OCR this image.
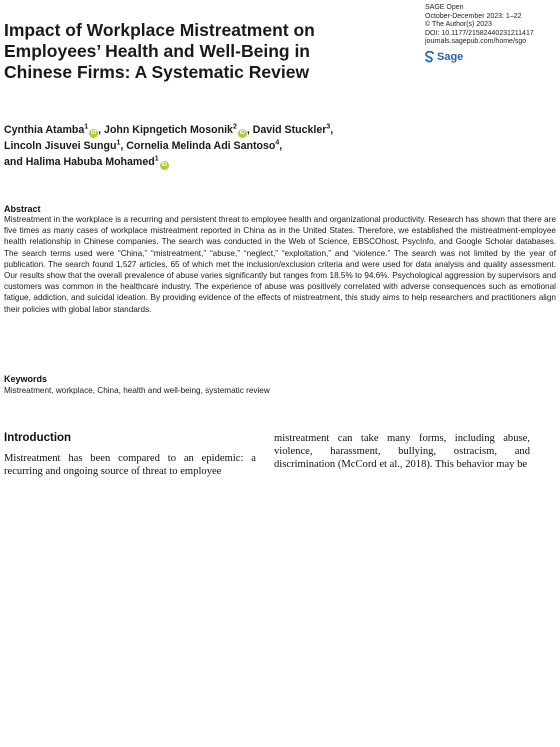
Impact of Workplace Mistreatment on Employees’ Health and Well-Being in Chinese Firms: A Systematic Review
SAGE Open
October-December 2023: 1–22
© The Author(s) 2023
DOI: 10.1177/21582440231211417
journals.sagepub.com/home/sgo
Sage
Cynthia Atamba$^1$iD , John Kipngetich Mosonik$^2$iD , David Stuckler$^3$,
Lincoln Jisuvei Sungu$^1$, Cornelia Melinda Adi Santoso$^4$,
and Halima Habuba Mohamed$^1$iD
Abstract

Mistreatment in the workplace is a recurring and persistent threat to employee health and organizational productivity. Research has shown that there are five times as many cases of workplace mistreatment reported in China as in the United States. Therefore, we established the mistreatment-employee health relationship in Chinese companies. The search was conducted in the Web of Science, EBSCOhost, PsycInfo, and Google Scholar databases. The search terms used were “China,” “mistreatment,” “abuse,” “neglect,” “exploitation,” and “violence.” The search was not limited by the year of publication. The search found 1,527 articles, 65 of which met the inclusion/exclusion criteria and were used for data analysis and quality assessment. Our results show that the overall prevalence of abuse varies significantly but ranges from 18.5% to 94.6%. Psychological aggression by supervisors and customers was common in the healthcare industry. The experience of abuse was positively correlated with adverse consequences such as emotional fatigue, addiction, and suicidal ideation. By providing evidence of the effects of mistreatment, this study aims to help researchers and practitioners align their policies with global labor standards.

Keywords

Mistreatment, workplace, China, health and well-being, systematic review

Introduction

Mistreatment has been compared to an epidemic: a recurring and ongoing source of threat to employee

mistreatment can take many forms, including abuse, violence, harassment, bullying, ostracism, and discrimination (McCord et al., 2018). This behavior may be
